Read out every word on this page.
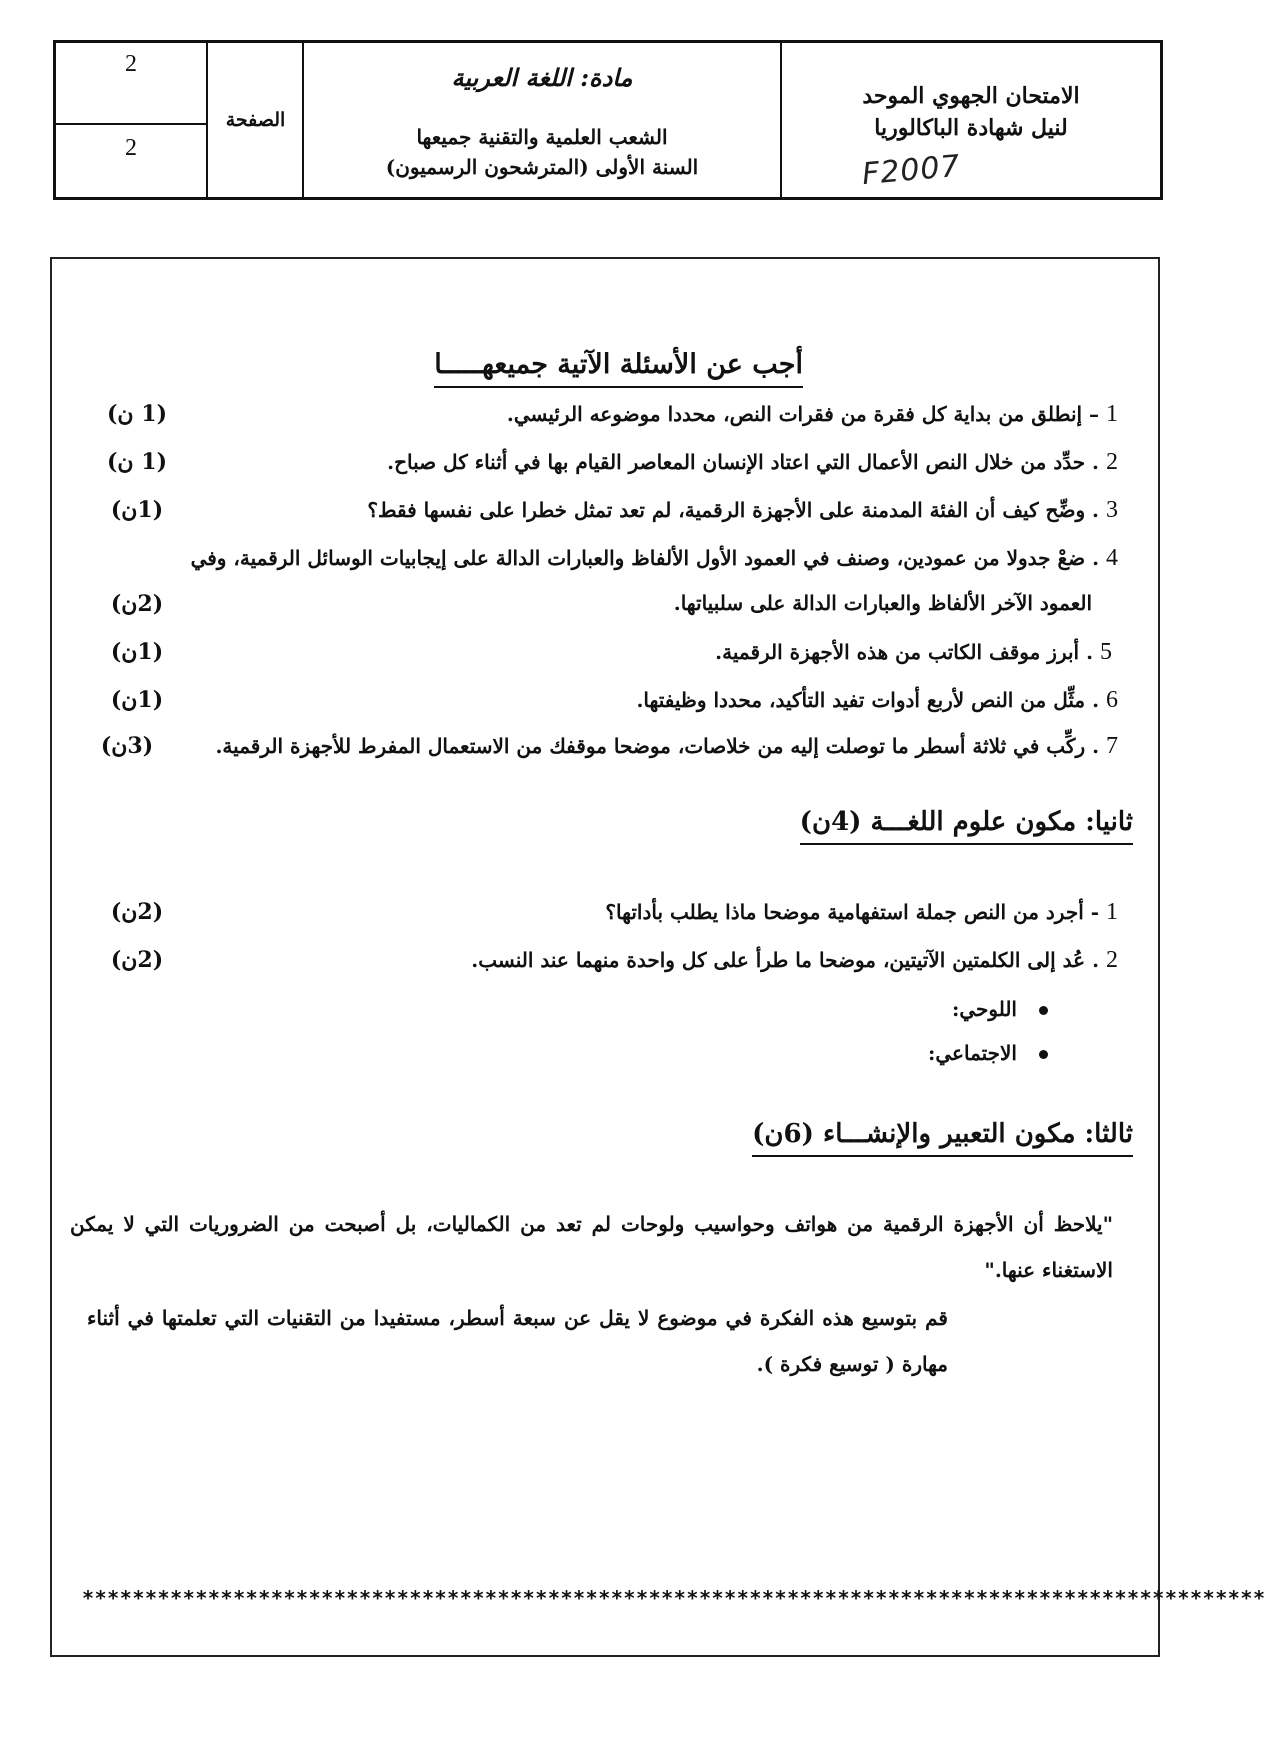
2
2
الصفحة
مادة: اللغة العربية
الشعب العلمية والتقنية جميعها
السنة الأولى (المترشحون الرسميون)
الامتحان الجهوي الموحد
لنيل شهادة الباكالوريا
F2007
أجب عن الأسئلة الآتية جميعهـــــا
1 – إنطلق من بداية كل فقرة من فقرات النص، محددا موضوعه الرئيسي.
(1 ن)
2 . حدِّد من خلال النص الأعمال التي اعتاد الإنسان المعاصر القيام بها في أثناء كل صباح.
(1 ن)
3 . وضِّح كيف أن الفئة المدمنة على الأجهزة الرقمية، لم تعد تمثل خطرا على نفسها فقط؟
(1ن)
4 . ضعْ جدولا من عمودين، وصنف في العمود الأول الألفاظ والعبارات الدالة على إيجابيات الوسائل الرقمية، وفي
العمود الآخر الألفاظ والعبارات الدالة على سلبياتها.
(2ن)
5 . أبرز موقف الكاتب من هذه الأجهزة الرقمية.
(1ن)
6 . مثِّل من النص لأربع أدوات تفيد التأكيد، محددا وظيفتها.
(1ن)
7 . ركِّب في ثلاثة أسطر ما توصلت إليه من خلاصات، موضحا موقفك من الاستعمال المفرط للأجهزة الرقمية.
(3ن)
ثانيا: مكون علوم اللغـــة (4ن)
1 - أجرد من النص جملة استفهامية موضحا ماذا يطلب بأداتها؟
(2ن)
2 . عُد إلى الكلمتين الآتيتين، موضحا ما طرأ على كل واحدة منهما عند النسب.
(2ن)
اللوحي:
الاجتماعي:
ثالثا: مكون التعبير والإنشـــاء (6ن)
"يلاحظ أن الأجهزة الرقمية من هواتف وحواسيب ولوحات لم تعد من الكماليات، بل أصبحت من الضروريات التي لا يمكن الاستغناء عنها."
قم بتوسيع هذه الفكرة في موضوع لا يقل عن سبعة أسطر، مستفيدا من التقنيات التي تعلمتها في أثناء مهارة ( توسيع فكرة ).
**********************************************************************************************
